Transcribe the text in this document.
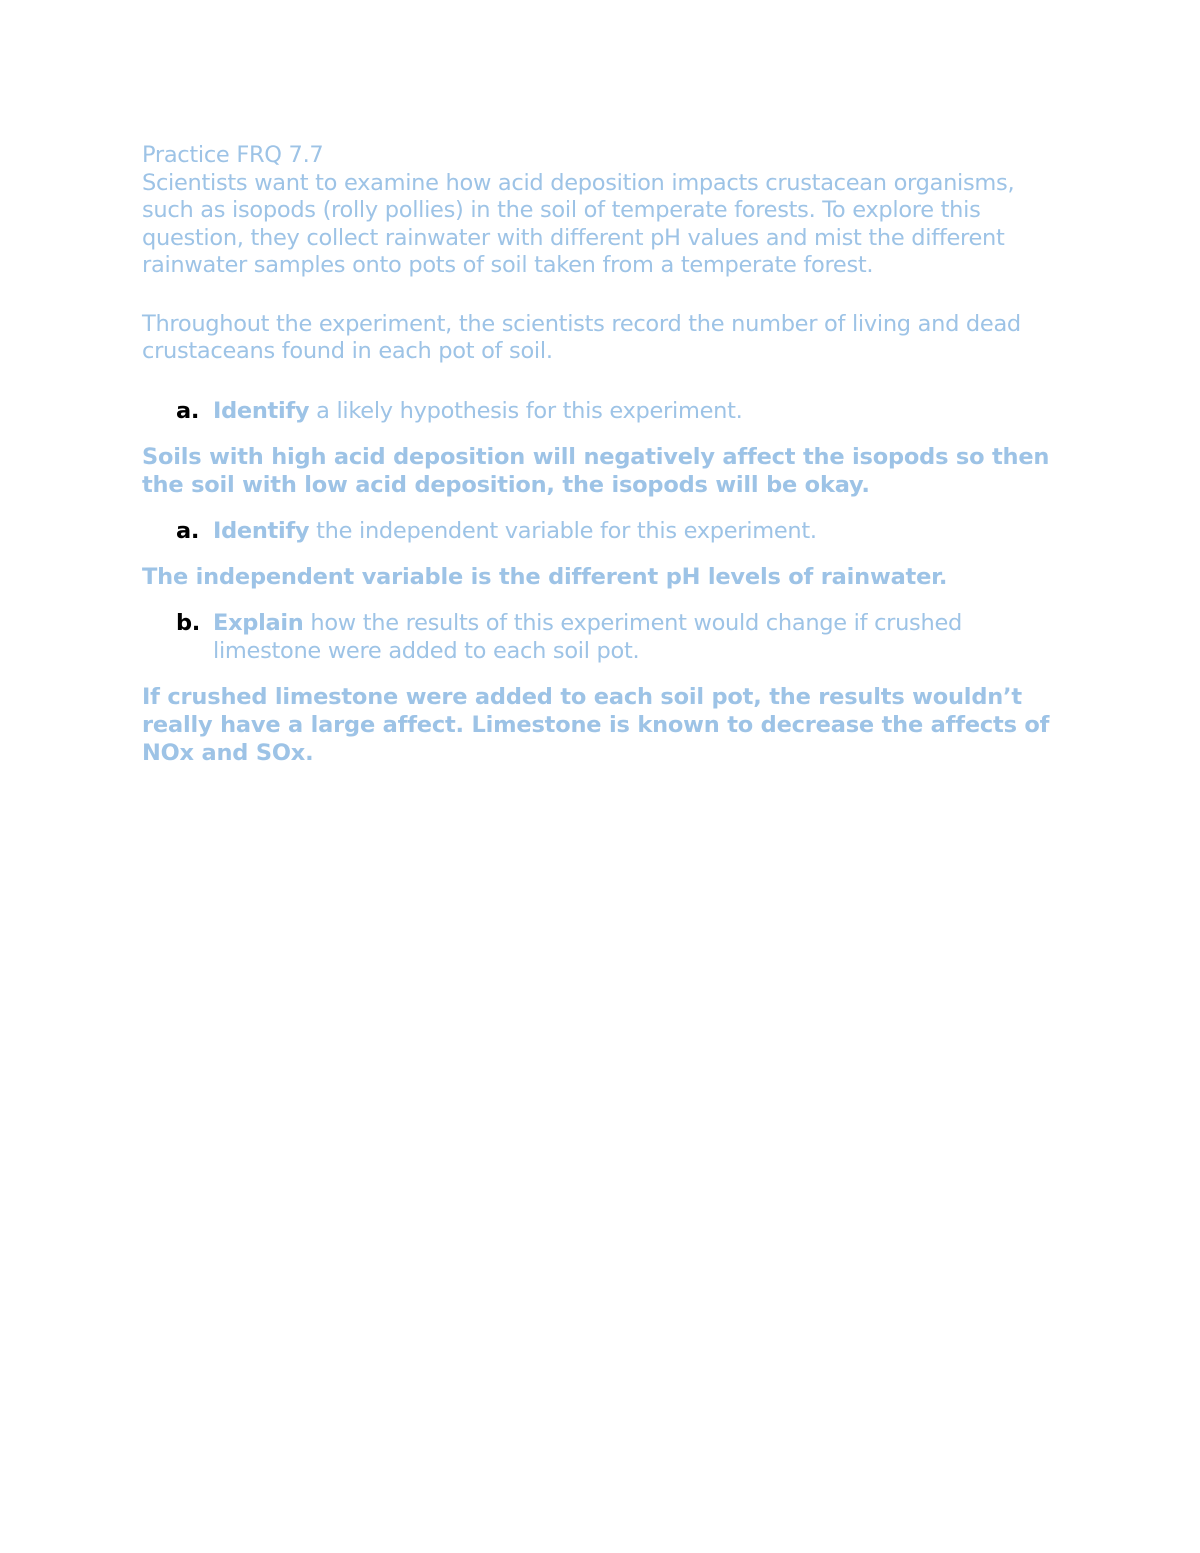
Practice FRQ 7.7

Scientists want to examine how acid deposition impacts crustacean organisms, such as isopods (rolly pollies) in the soil of temperate forests. To explore this question, they collect rainwater with different pH values and mist the different rainwater samples onto pots of soil taken from a temperate forest.

Throughout the experiment, the scientists record the number of living and dead crustaceans found in each pot of soil.

a. Identify a likely hypothesis for this experiment.
Soils with high acid deposition will negatively affect the isopods so then the soil with low acid deposition, the isopods will be okay.
a. Identify the independent variable for this experiment.
The independent variable is the different pH levels of rainwater.
b. Explain how the results of this experiment would change if crushed limestone were added to each soil pot.
If crushed limestone were added to each soil pot, the results wouldn’t really have a large affect. Limestone is known to decrease the affects of NOx and SOx.
